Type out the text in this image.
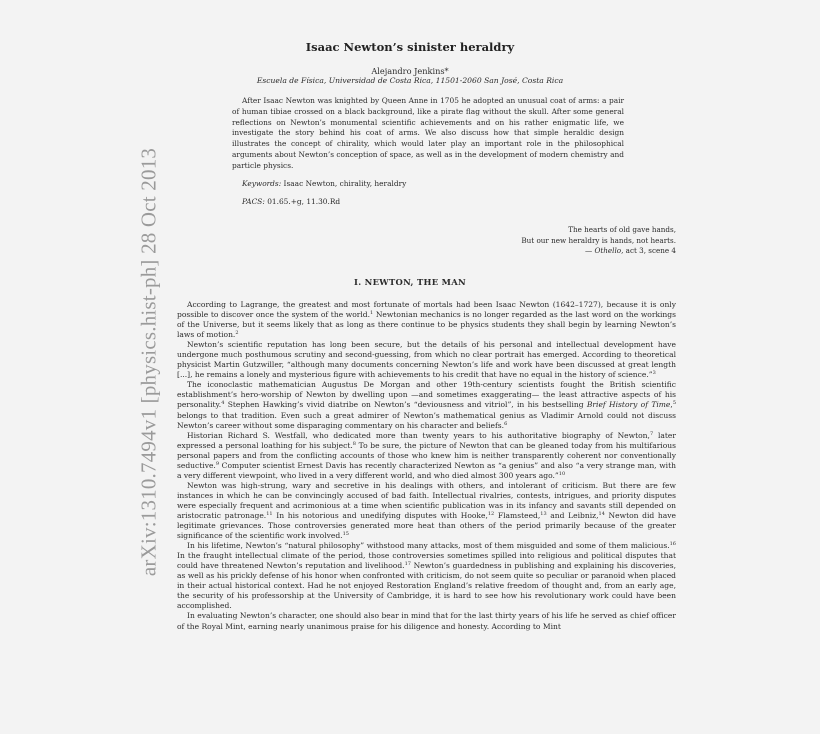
arXiv:1310.7494v1 [physics.hist-ph] 28 Oct 2013
Isaac Newton’s sinister heraldry
Alejandro Jenkins*
Escuela de Física, Universidad de Costa Rica, 11501-2060 San José, Costa Rica
After Isaac Newton was knighted by Queen Anne in 1705 he adopted an unusual coat of arms: a pair of human tibiae crossed on a black background, like a pirate flag without the skull. After some general reflections on Newton’s monumental scientific achievements and on his rather enigmatic life, we investigate the story behind his coat of arms. We also discuss how that simple heraldic design illustrates the concept of chirality, which would later play an important role in the philosophical arguments about Newton’s conception of space, as well as in the development of modern chemistry and particle physics.
Keywords: Isaac Newton, chirality, heraldry
PACS: 01.65.+g, 11.30.Rd
The hearts of old gave hands,
But our new heraldry is hands, not hearts.
— Othello, act 3, scene 4
I. NEWTON, THE MAN

According to Lagrange, the greatest and most fortunate of mortals had been Isaac Newton (1642–1727), because it is only possible to discover once the system of the world.$^1$ Newtonian mechanics is no longer regarded as the last word on the workings of the Universe, but it seems likely that as long as there continue to be physics students they shall begin by learning Newton’s laws of motion.$^2$

Newton’s scientific reputation has long been secure, but the details of his personal and intellectual development have undergone much posthumous scrutiny and second-guessing, from which no clear portrait has emerged. According to theoretical physicist Martin Gutzwiller, “although many documents concerning Newton’s life and work have been discussed at great length [...], he remains a lonely and mysterious figure with achievements to his credit that have no equal in the history of science.”$^3$

The iconoclastic mathematician Augustus De Morgan and other 19th-century scientists fought the British scientific establishment’s hero-worship of Newton by dwelling upon —and sometimes exaggerating— the least attractive aspects of his personality.$^4$ Stephen Hawking’s vivid diatribe on Newton’s “deviousness and vitriol”, in his bestselling Brief History of Time,$^5$ belongs to that tradition. Even such a great admirer of Newton’s mathematical genius as Vladimir Arnold could not discuss Newton’s career without some disparaging commentary on his character and beliefs.$^6$

Historian Richard S. Westfall, who dedicated more than twenty years to his authoritative biography of Newton,$^7$ later expressed a personal loathing for his subject.$^8$ To be sure, the picture of Newton that can be gleaned today from his multifarious personal papers and from the conflicting accounts of those who knew him is neither transparently coherent nor conventionally seductive.$^9$ Computer scientist Ernest Davis has recently characterized Newton as “a genius” and also “a very strange man, with a very different viewpoint, who lived in a very different world, and who died almost 300 years ago.”$^{10}$

Newton was high-strung, wary and secretive in his dealings with others, and intolerant of criticism. But there are few instances in which he can be convincingly accused of bad faith. Intellectual rivalries, contests, intrigues, and priority disputes were especially frequent and acrimonious at a time when scientific publication was in its infancy and savants still depended on aristocratic patronage.$^{11}$ In his notorious and unedifying disputes with Hooke,$^{12}$ Flamsteed,$^{13}$ and Leibniz,$^{14}$ Newton did have legitimate grievances. Those controversies generated more heat than others of the period primarily because of the greater significance of the scientific work involved.$^{15}$

In his lifetime, Newton’s “natural philosophy” withstood many attacks, most of them misguided and some of them malicious.$^{16}$ In the fraught intellectual climate of the period, those controversies sometimes spilled into religious and political disputes that could have threatened Newton’s reputation and livelihood.$^{17}$ Newton’s guardedness in publishing and explaining his discoveries, as well as his prickly defense of his honor when confronted with criticism, do not seem quite so peculiar or paranoid when placed in their actual historical context. Had he not enjoyed Restoration England’s relative freedom of thought and, from an early age, the security of his professorship at the University of Cambridge, it is hard to see how his revolutionary work could have been accomplished.

In evaluating Newton’s character, one should also bear in mind that for the last thirty years of his life he served as chief officer of the Royal Mint, earning nearly unanimous praise for his diligence and honesty. According to Mint
